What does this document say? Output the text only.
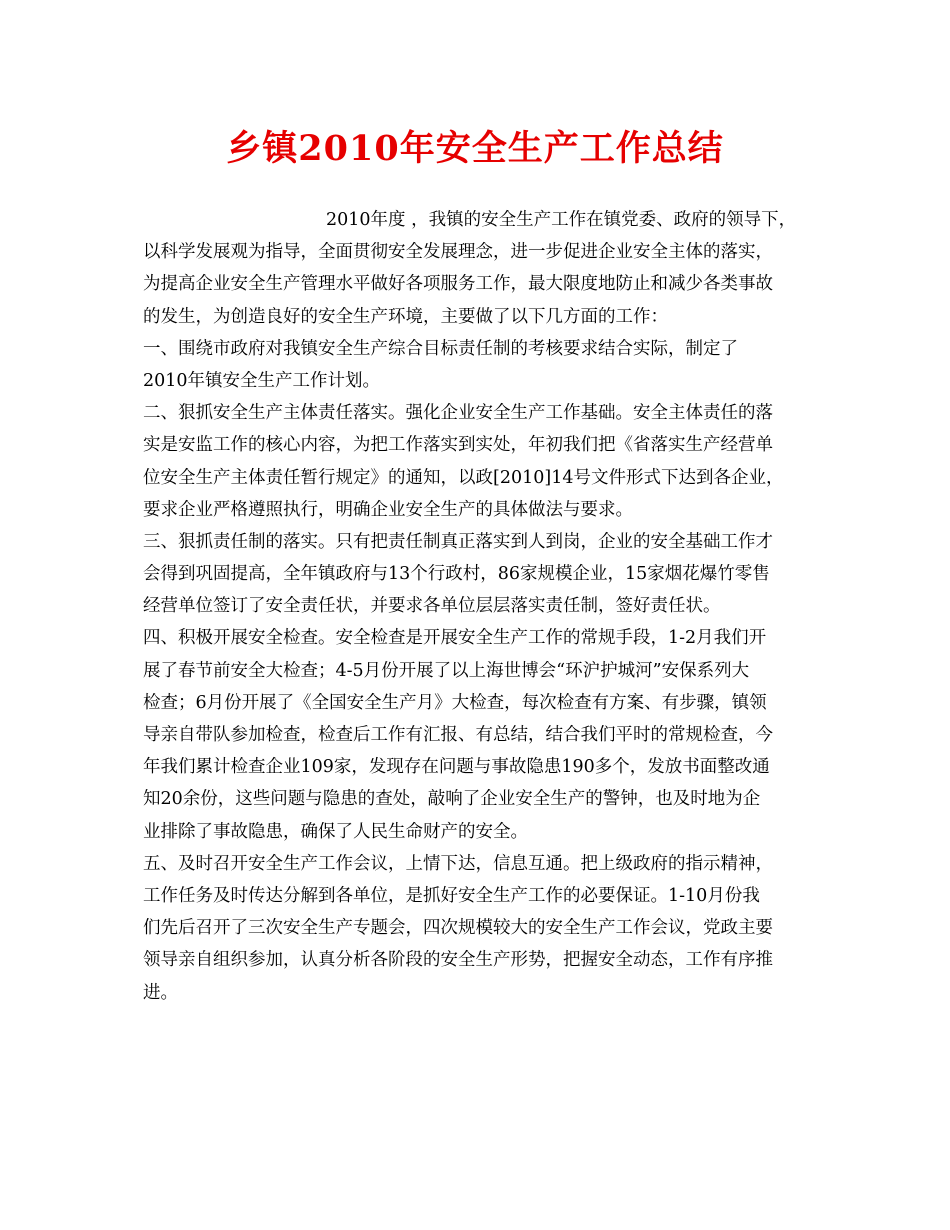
乡镇2010年安全生产工作总结
2010年度 ，我镇的安全生产工作在镇党委、政府的领导下，
以科学发展观为指导，全面贯彻安全发展理念，进一步促进企业安全主体的落实，
为提高企业安全生产管理水平做好各项服务工作，最大限度地防止和减少各类事故
的发生，为创造良好的安全生产环境，主要做了以下几方面的工作：
一、围绕市政府对我镇安全生产综合目标责任制的考核要求结合实际，制定了
2010年镇安全生产工作计划。
二、狠抓安全生产主体责任落实。强化企业安全生产工作基础。安全主体责任的落
实是安监工作的核心内容，为把工作落实到实处，年初我们把《省落实生产经营单
位安全生产主体责任暂行规定》的通知，以政[2010]14号文件形式下达到各企业，
要求企业严格遵照执行，明确企业安全生产的具体做法与要求。
三、狠抓责任制的落实。只有把责任制真正落实到人到岗，企业的安全基础工作才
会得到巩固提高，全年镇政府与13个行政村，86家规模企业，15家烟花爆竹零售
经营单位签订了安全责任状，并要求各单位层层落实责任制，签好责任状。
四、积极开展安全检查。安全检查是开展安全生产工作的常规手段，1-2月我们开
展了春节前安全大检查；4-5月份开展了以上海世博会“环沪护城河”安保系列大
检查；6月份开展了《全国安全生产月》大检查，每次检查有方案、有步骤，镇领
导亲自带队参加检查，检查后工作有汇报、有总结，结合我们平时的常规检查，今
年我们累计检查企业109家，发现存在问题与事故隐患190多个，发放书面整改通
知20余份，这些问题与隐患的查处，敲响了企业安全生产的警钟，也及时地为企
业排除了事故隐患，确保了人民生命财产的安全。
五、及时召开安全生产工作会议，上情下达，信息互通。把上级政府的指示精神，
工作任务及时传达分解到各单位，是抓好安全生产工作的必要保证。1-10月份我
们先后召开了三次安全生产专题会，四次规模较大的安全生产工作会议，党政主要
领导亲自组织参加，认真分析各阶段的安全生产形势，把握安全动态，工作有序推
进。
